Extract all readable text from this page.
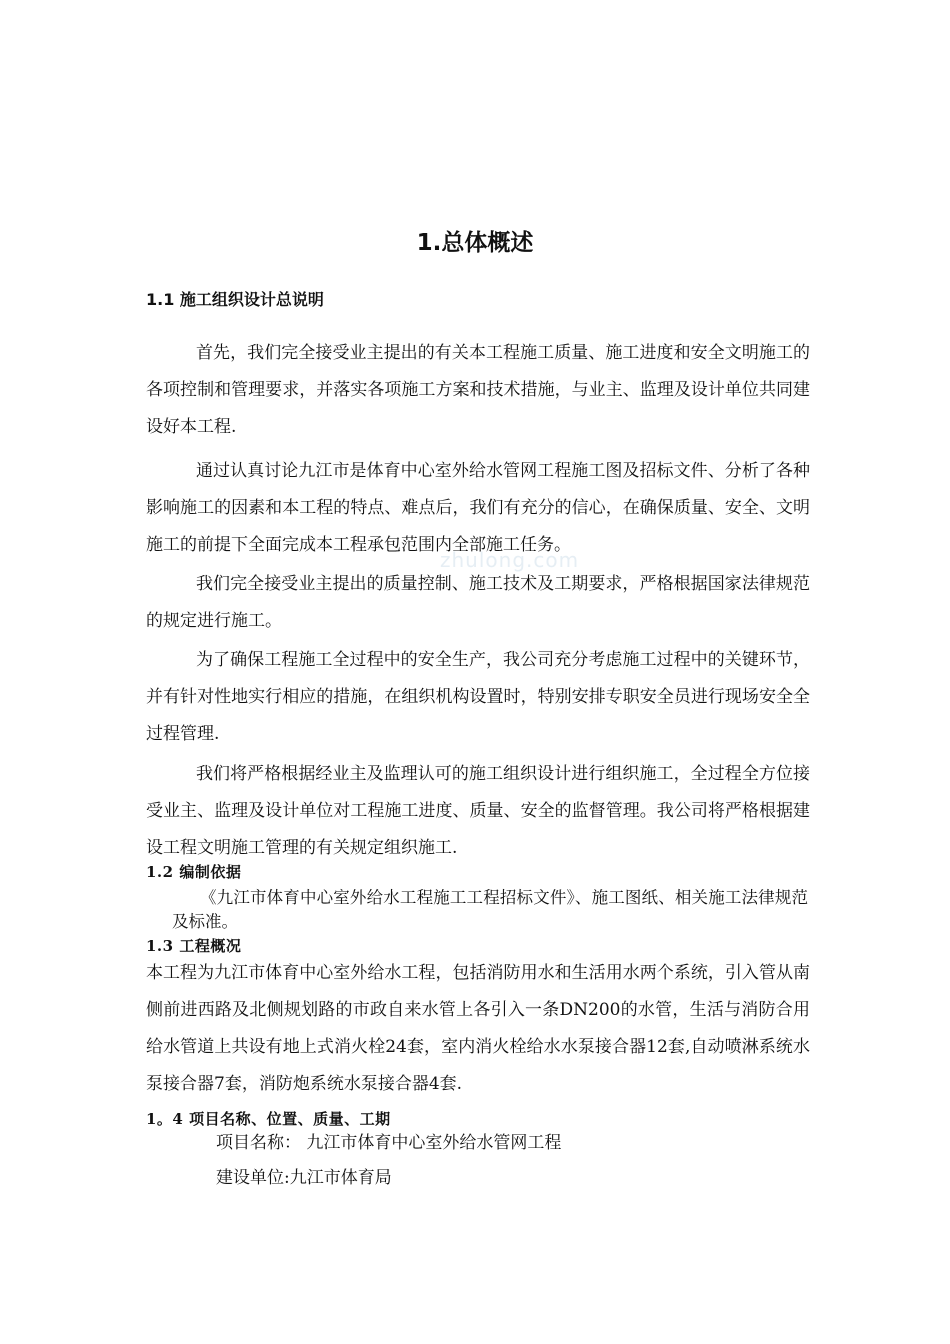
1.总体概述
1.1 施工组织设计总说明

首先，我们完全接受业主提出的有关本工程施工质量、施工进度和安全文明施工的各项控制和管理要求，并落实各项施工方案和技术措施，与业主、监理及设计单位共同建设好本工程.

通过认真讨论九江市是体育中心室外给水管网工程施工图及招标文件、分析了各种影响施工的因素和本工程的特点、难点后，我们有充分的信心，在确保质量、安全、文明施工的前提下全面完成本工程承包范围内全部施工任务。

我们完全接受业主提出的质量控制、施工技术及工期要求，严格根据国家法律规范的规定进行施工。

为了确保工程施工全过程中的安全生产，我公司充分考虑施工过程中的关键环节，并有针对性地实行相应的措施，在组织机构设置时，特别安排专职安全员进行现场安全全过程管理.

我们将严格根据经业主及监理认可的施工组织设计进行组织施工，全过程全方位接受业主、监理及设计单位对工程施工进度、质量、安全的监督管理。我公司将严格根据建设工程文明施工管理的有关规定组织施工.

zhulong.com
1.2 编制依据

《九江市体育中心室外给水工程施工工程招标文件》、施工图纸、相关施工法律规范及标准。

1.3 工程概况

本工程为九江市体育中心室外给水工程，包括消防用水和生活用水两个系统，引入管从南侧前进西路及北侧规划路的市政自来水管上各引入一条DN200的水管，生活与消防合用给水管道上共设有地上式消火栓24套，室内消火栓给水水泵接合器12套,自动喷淋系统水泵接合器7套，消防炮系统水泵接合器4套.

1。4 项目名称、位置、质量、工期
项目名称： 九江市体育中心室外给水管网工程
建设单位:九江市体育局
